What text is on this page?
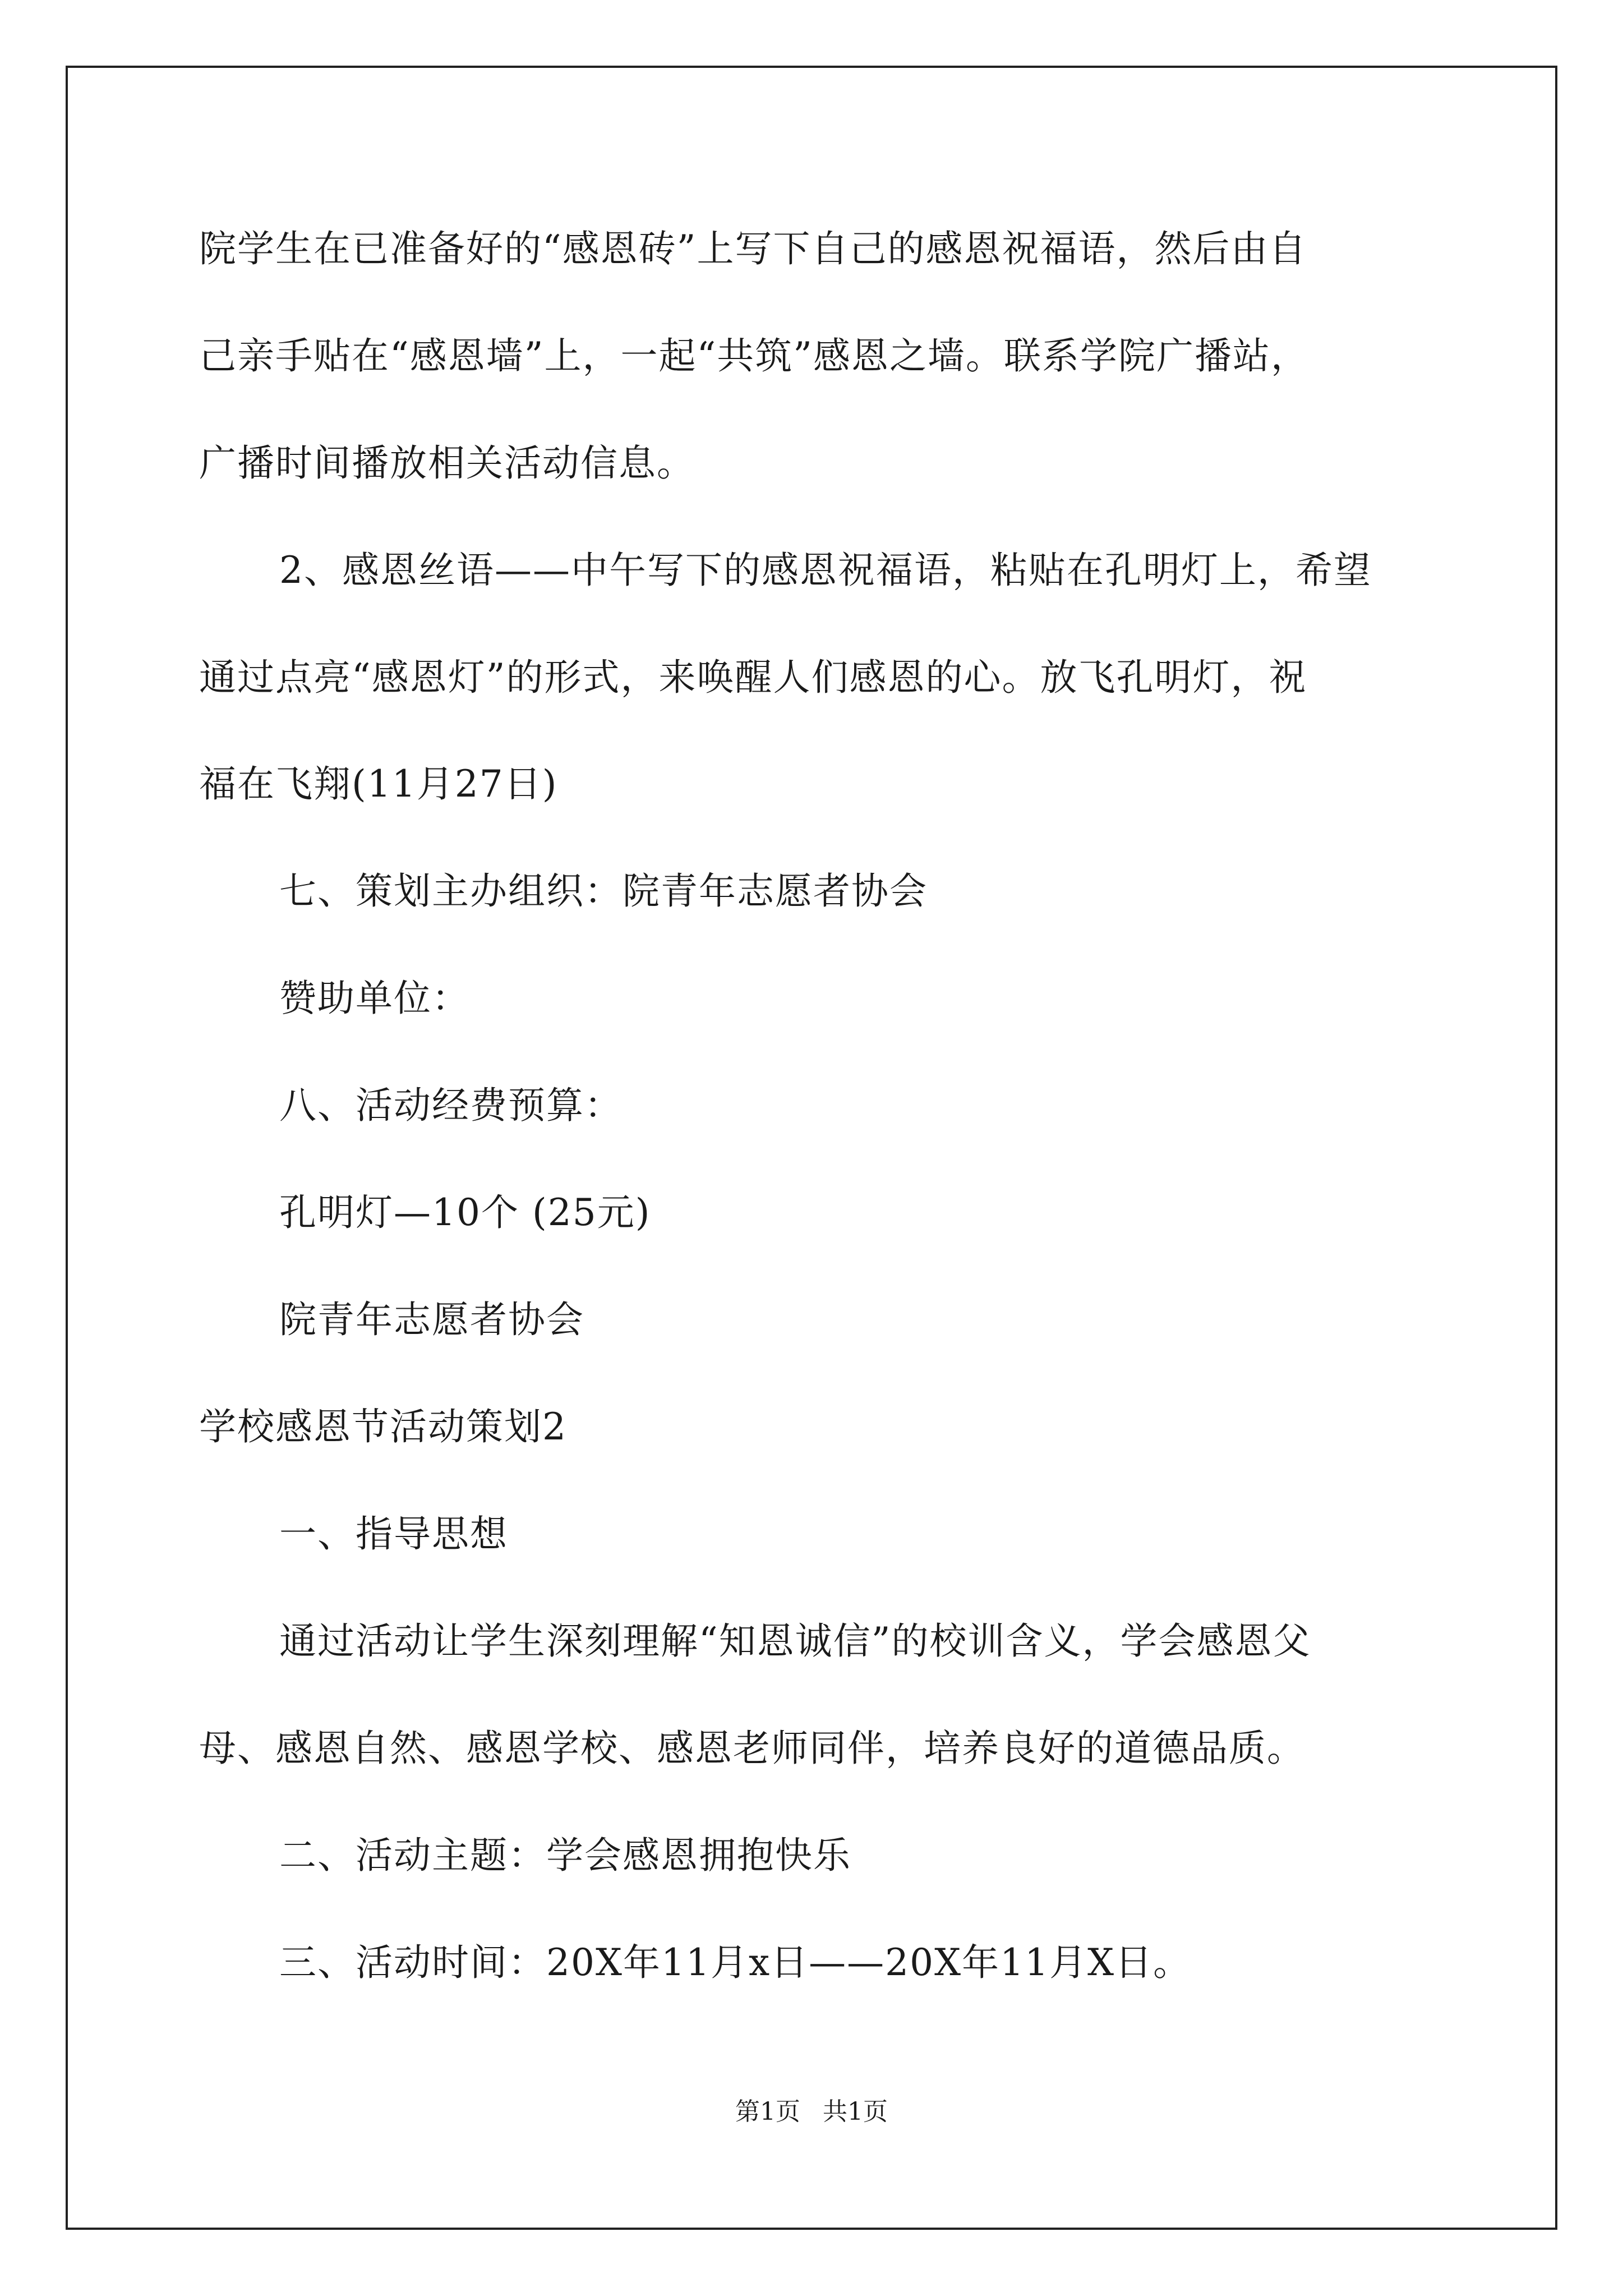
院学生在已准备好的“感恩砖”上写下自己的感恩祝福语，然后由自
己亲手贴在“感恩墙”上，一起“共筑”感恩之墙。联系学院广播站，
广播时间播放相关活动信息。
2、感恩丝语——中午写下的感恩祝福语，粘贴在孔明灯上，希望
通过点亮“感恩灯”的形式，来唤醒人们感恩的心。放飞孔明灯，祝
福在飞翔(11月27日)
七、策划主办组织：院青年志愿者协会
赞助单位：
八、活动经费预算：
孔明灯—10个 (25元)
院青年志愿者协会
学校感恩节活动策划2
一、指导思想
通过活动让学生深刻理解“知恩诚信”的校训含义，学会感恩父
母、感恩自然、感恩学校、感恩老师同伴，培养良好的道德品质。
二、活动主题：学会感恩拥抱快乐
三、活动时间：20X年11月x日——20X年11月X日。
第1页 共1页
